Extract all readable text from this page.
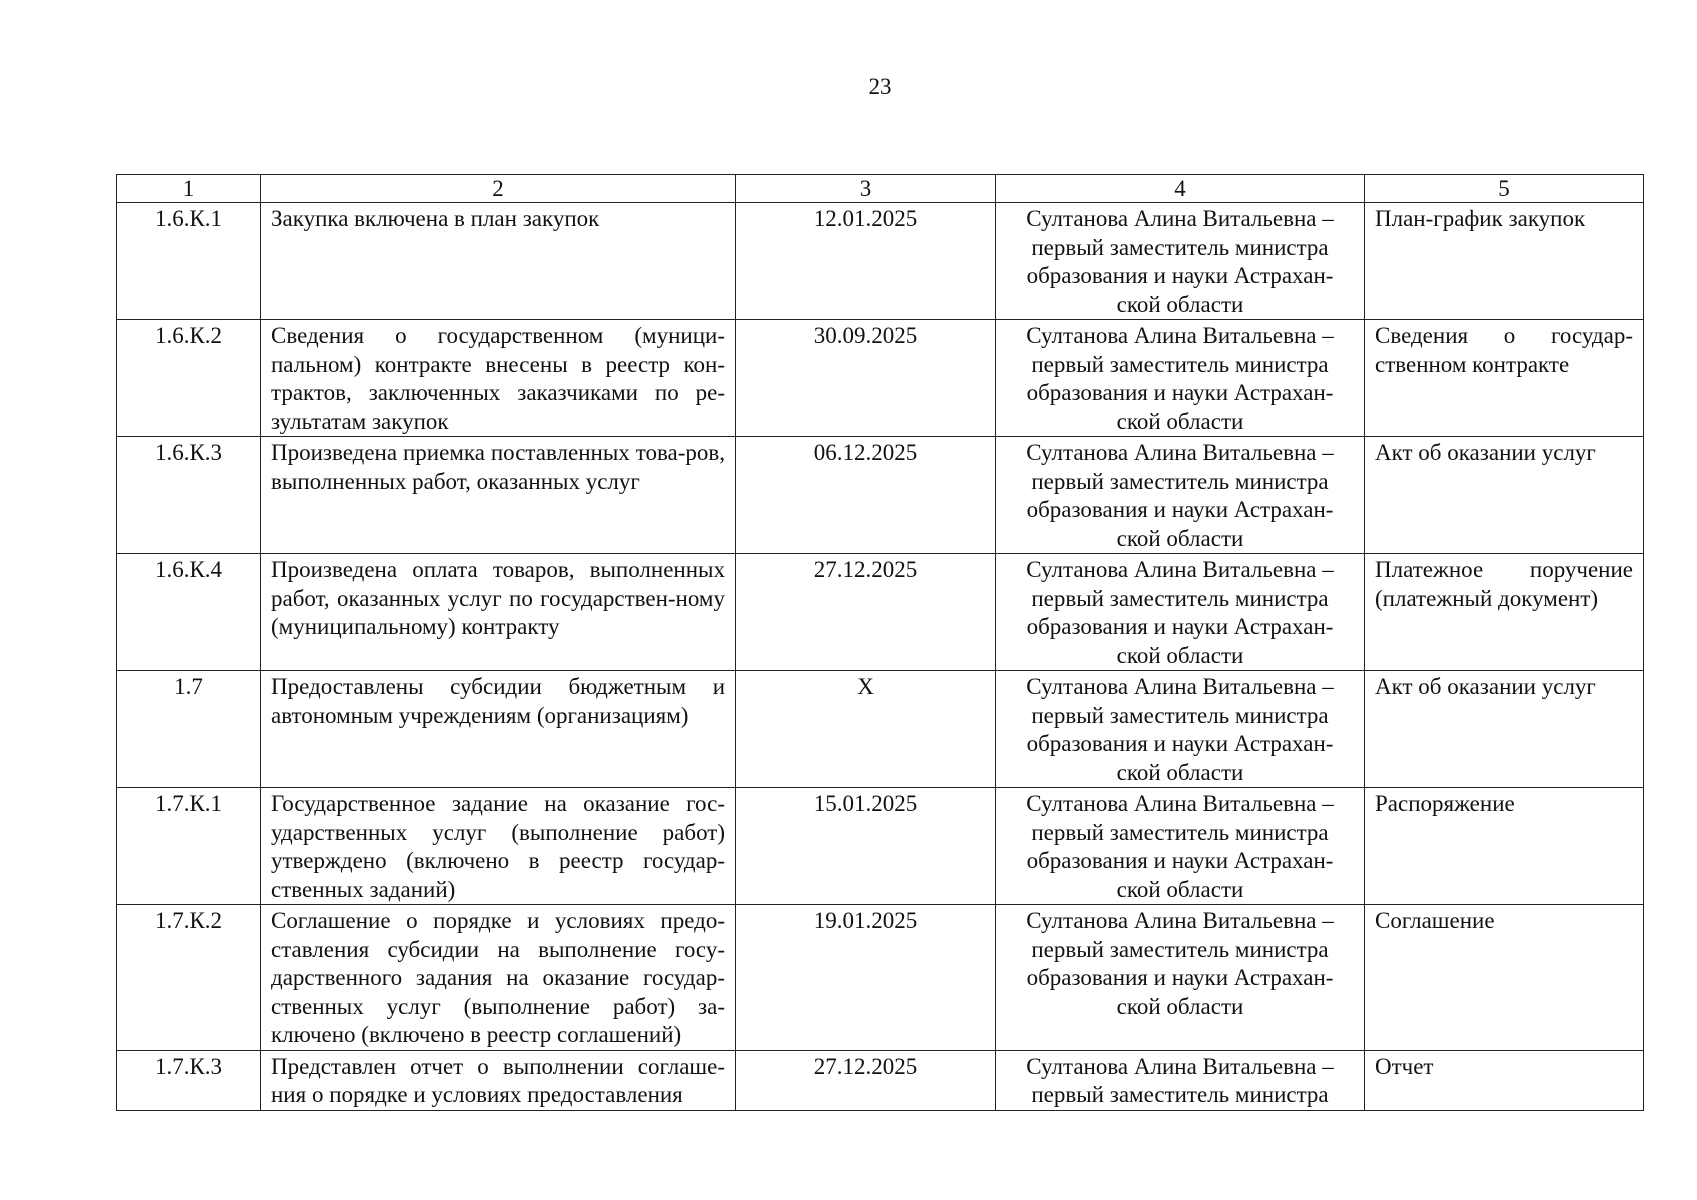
23
1	2	3	4	5
1.6.К.1	Закупка включена в план закупок	12.01.2025	Султанова Алина Витальевна – первый заместитель министра образования и науки Астрахан-ской области	План-график закупок
1.6.К.2	Сведения о государственном (муници-пальном) контракте внесены в реестр кон-трактов, заключенных заказчиками по ре-зультатам закупок	30.09.2025	Султанова Алина Витальевна – первый заместитель министра образования и науки Астрахан-ской области	Сведения о государ-ственном контракте
1.6.К.3	Произведена приемка поставленных това-ров, выполненных работ, оказанных услуг	06.12.2025	Султанова Алина Витальевна – первый заместитель министра образования и науки Астрахан-ской области	Акт об оказании услуг
1.6.К.4	Произведена оплата товаров, выполненных работ, оказанных услуг по государствен-ному (муниципальному) контракту	27.12.2025	Султанова Алина Витальевна – первый заместитель министра образования и науки Астрахан-ской области	Платежное поручение (платежный документ)
1.7	Предоставлены субсидии бюджетным и автономным учреждениям (организациям)	X	Султанова Алина Витальевна – первый заместитель министра образования и науки Астрахан-ской области	Акт об оказании услуг
1.7.К.1	Государственное задание на оказание гос-ударственных услуг (выполнение работ) утверждено (включено в реестр государ-ственных заданий)	15.01.2025	Султанова Алина Витальевна – первый заместитель министра образования и науки Астрахан-ской области	Распоряжение
1.7.К.2	Соглашение о порядке и условиях предо-ставления субсидии на выполнение госу-дарственного задания на оказание государ-ственных услуг (выполнение работ) за-ключено (включено в реестр соглашений)	19.01.2025	Султанова Алина Витальевна – первый заместитель министра образования и науки Астрахан-ской области	Соглашение
1.7.К.3	Представлен отчет о выполнении соглаше-ния о порядке и условиях предоставления	27.12.2025	Султанова Алина Витальевна – первый заместитель министра	Отчет
